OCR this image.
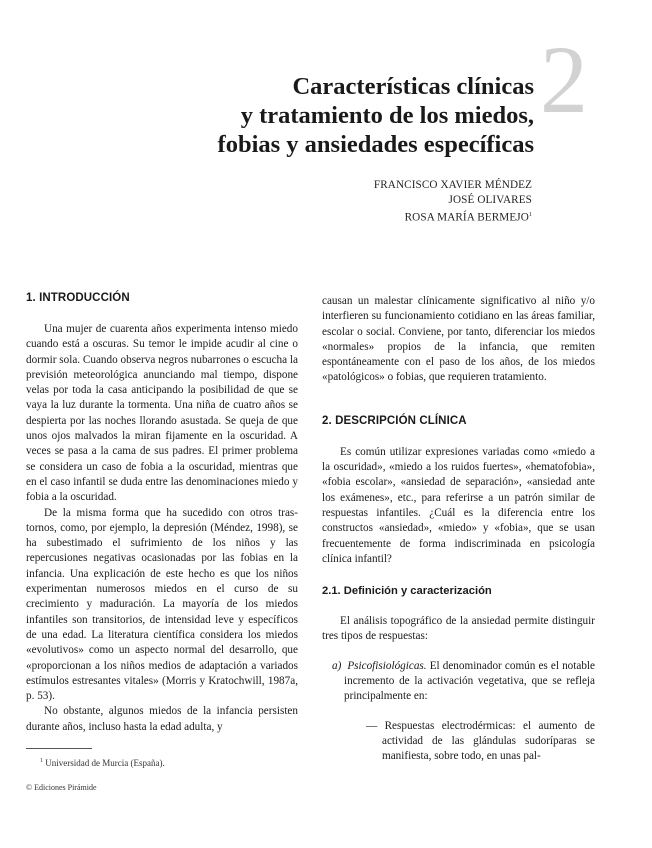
Características clínicas
y tratamiento de los miedos,
fobias y ansiedades específicas
2
FRANCISCO XAVIER MÉNDEZ
JOSÉ OLIVARES
ROSA MARÍA BERMEJO$^1$
1. INTRODUCCIÓN

Una mujer de cuarenta años experimenta intenso miedo cuando está a oscuras. Su temor le impide acudir al cine o dormir sola. Cuando observa negros nubarrones o escucha la previsión meteorológica anunciando mal tiempo, dispone velas por toda la casa anticipando la posibilidad de que se vaya la luz durante la tormenta. Una niña de cuatro años se despierta por las noches llorando asustada. Se queja de que unos ojos malvados la miran fijamente en la oscuridad. A veces se pasa a la cama de sus padres. El primer problema se considera un caso de fobia a la oscuridad, mientras que en el caso infantil se duda entre las denominaciones miedo y fobia a la oscuridad.

De la misma forma que ha sucedido con otros trastornos, como, por ejemplo, la depresión (Méndez, 1998), se ha subestimado el sufrimiento de los niños y las repercusiones negativas ocasionadas por las fobias en la infancia. Una explicación de este hecho es que los niños experimentan numerosos miedos en el curso de su crecimiento y maduración. La mayoría de los miedos infantiles son transitorios, de intensidad leve y específicos de una edad. La literatura científica considera los miedos «evolutivos» como un aspecto normal del desarrollo, que «proporcionan a los niños medios de adaptación a variados estímulos estresantes vitales» (Morris y Kratochwill, 1987a, p. 53).

No obstante, algunos miedos de la infancia persisten durante años, incluso hasta la edad adulta, y

causan un malestar clínicamente significativo al niño y/o interfieren su funcionamiento cotidiano en las áreas familiar, escolar o social. Conviene, por tanto, diferenciar los miedos «normales» propios de la infancia, que remiten espontáneamente con el paso de los años, de los miedos «patológicos» o fobias, que requieren tratamiento.

2. DESCRIPCIÓN CLÍNICA

Es común utilizar expresiones variadas como «miedo a la oscuridad», «miedo a los ruidos fuertes», «hematofobia», «fobia escolar», «ansiedad de separación», «ansiedad ante los exámenes», etc., para referirse a un patrón similar de respuestas infantiles. ¿Cuál es la diferencia entre los constructos «ansiedad», «miedo» y «fobia», que se usan frecuentemente de forma indiscriminada en psicología clínica infantil?

2.1. Definición y caracterización

El análisis topográfico de la ansiedad permite distinguir tres tipos de respuestas:

a) Psicofisiológicas. El denominador común es el notable incremento de la activación vegetativa, que se refleja principalmente en:

— Respuestas electrodérmicas: el aumento de actividad de las glándulas sudoríparas se manifiesta, sobre todo, en unas pal-

$^1$ Universidad de Murcia (España).
© Ediciones Pirámide
